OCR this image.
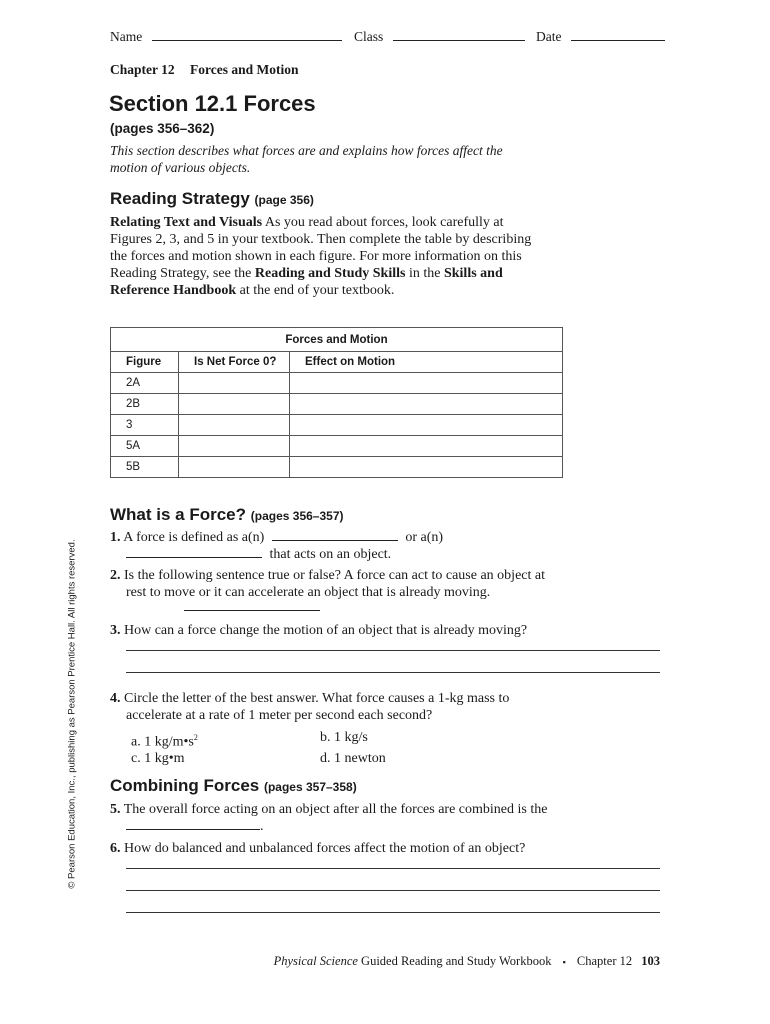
Name	Class	Date
Chapter 12 Forces and Motion
Section 12.1 Forces
(pages 356–362)
This section describes what forces are and explains how forces affect the motion of various objects.
Reading Strategy (page 356)
Relating Text and Visuals As you read about forces, look carefully at Figures 2, 3, and 5 in your textbook. Then complete the table by describing the forces and motion shown in each figure. For more information on this Reading Strategy, see the Reading and Study Skills in the Skills and Reference Handbook at the end of your textbook.
Forces and Motion		
Figure	Is Net Force 0?	Effect on Motion
2A		
2B		
3		
5A		
5B		
What is a Force? (pages 356–357)
1. A force is defined as a(n)	or a(n)
that acts on an object.
2. Is the following sentence true or false? A force can act to cause an object at rest to move or it can accelerate an object that is already moving.
3. How can a force change the motion of an object that is already moving?
4. Circle the letter of the best answer. What force causes a 1-kg mass to accelerate at a rate of 1 meter per second each second?
a. 1 $kg/m•s^2$	b. 1 kg/s
c. 1 kg•m	d. 1 newton
Combining Forces (pages 357–358)
5. The overall force acting on an object after all the forces are combined is the .
6. How do balanced and unbalanced forces affect the motion of an object?
Physical Science Guided Reading and Study Workbook ▪ Chapter 12 103
© Pearson Education, Inc., publishing as Pearson Prentice Hall. All rights reserved.
